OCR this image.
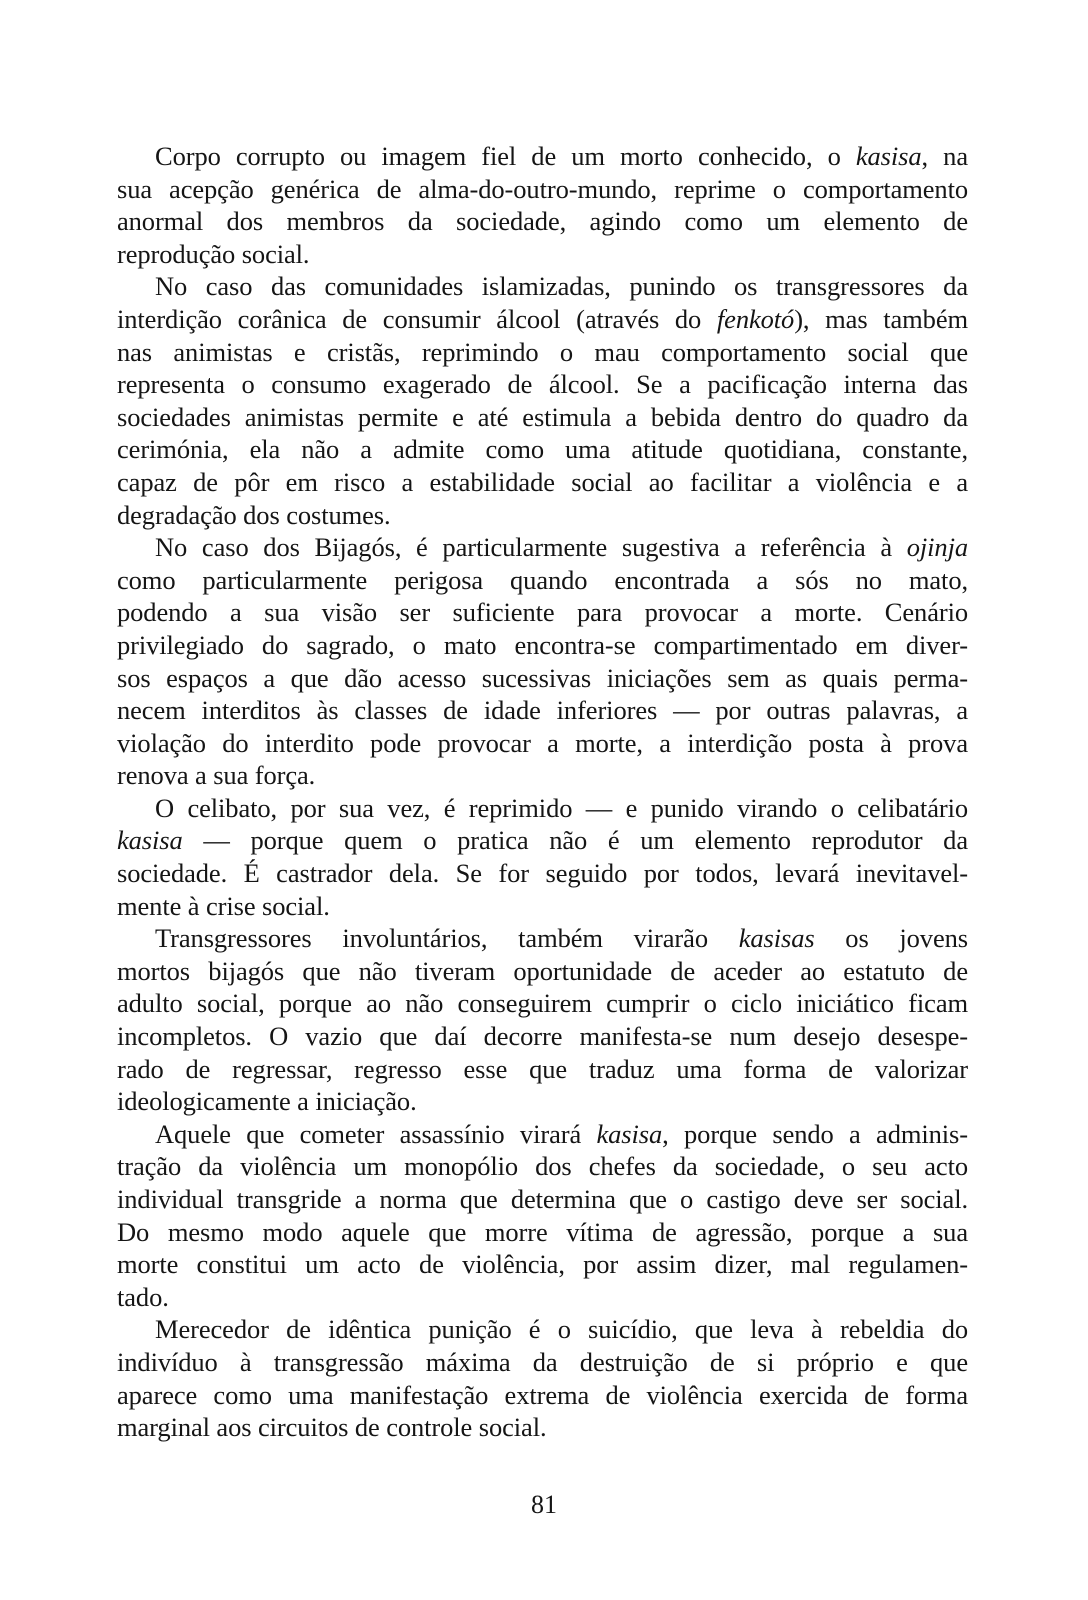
Corpo corrupto ou imagem fiel de um morto conhecido, o kasisa, na
sua acepção genérica de alma-do-outro-mundo, reprime o comportamento
anormal dos membros da sociedade, agindo como um elemento de
reprodução social.
No caso das comunidades islamizadas, punindo os transgressores da
interdição corânica de consumir álcool (através do fenkotó), mas também
nas animistas e cristãs, reprimindo o mau comportamento social que
representa o consumo exagerado de álcool. Se a pacificação interna das
sociedades animistas permite e até estimula a bebida dentro do quadro da
cerimónia, ela não a admite como uma atitude quotidiana, constante,
capaz de pôr em risco a estabilidade social ao facilitar a violência e a
degradação dos costumes.
No caso dos Bijagós, é particularmente sugestiva a referência à ojinja
como particularmente perigosa quando encontrada a sós no mato,
podendo a sua visão ser suficiente para provocar a morte. Cenário
privilegiado do sagrado, o mato encontra-se compartimentado em diver-
sos espaços a que dão acesso sucessivas iniciações sem as quais perma-
necem interditos às classes de idade inferiores — por outras palavras, a
violação do interdito pode provocar a morte, a interdição posta à prova
renova a sua força.
O celibato, por sua vez, é reprimido — e punido virando o celibatário
kasisa — porque quem o pratica não é um elemento reprodutor da
sociedade. É castrador dela. Se for seguido por todos, levará inevitavel-
mente à crise social.
Transgressores involuntários, também virarão kasisas os jovens
mortos bijagós que não tiveram oportunidade de aceder ao estatuto de
adulto social, porque ao não conseguirem cumprir o ciclo iniciático ficam
incompletos. O vazio que daí decorre manifesta-se num desejo desespe-
rado de regressar, regresso esse que traduz uma forma de valorizar
ideologicamente a iniciação.
Aquele que cometer assassínio virará kasisa, porque sendo a adminis-
tração da violência um monopólio dos chefes da sociedade, o seu acto
individual transgride a norma que determina que o castigo deve ser social.
Do mesmo modo aquele que morre vítima de agressão, porque a sua
morte constitui um acto de violência, por assim dizer, mal regulamen-
tado.
Merecedor de idêntica punição é o suicídio, que leva à rebeldia do
indivíduo à transgressão máxima da destruição de si próprio e que
aparece como uma manifestação extrema de violência exercida de forma
marginal aos circuitos de controle social.
81
